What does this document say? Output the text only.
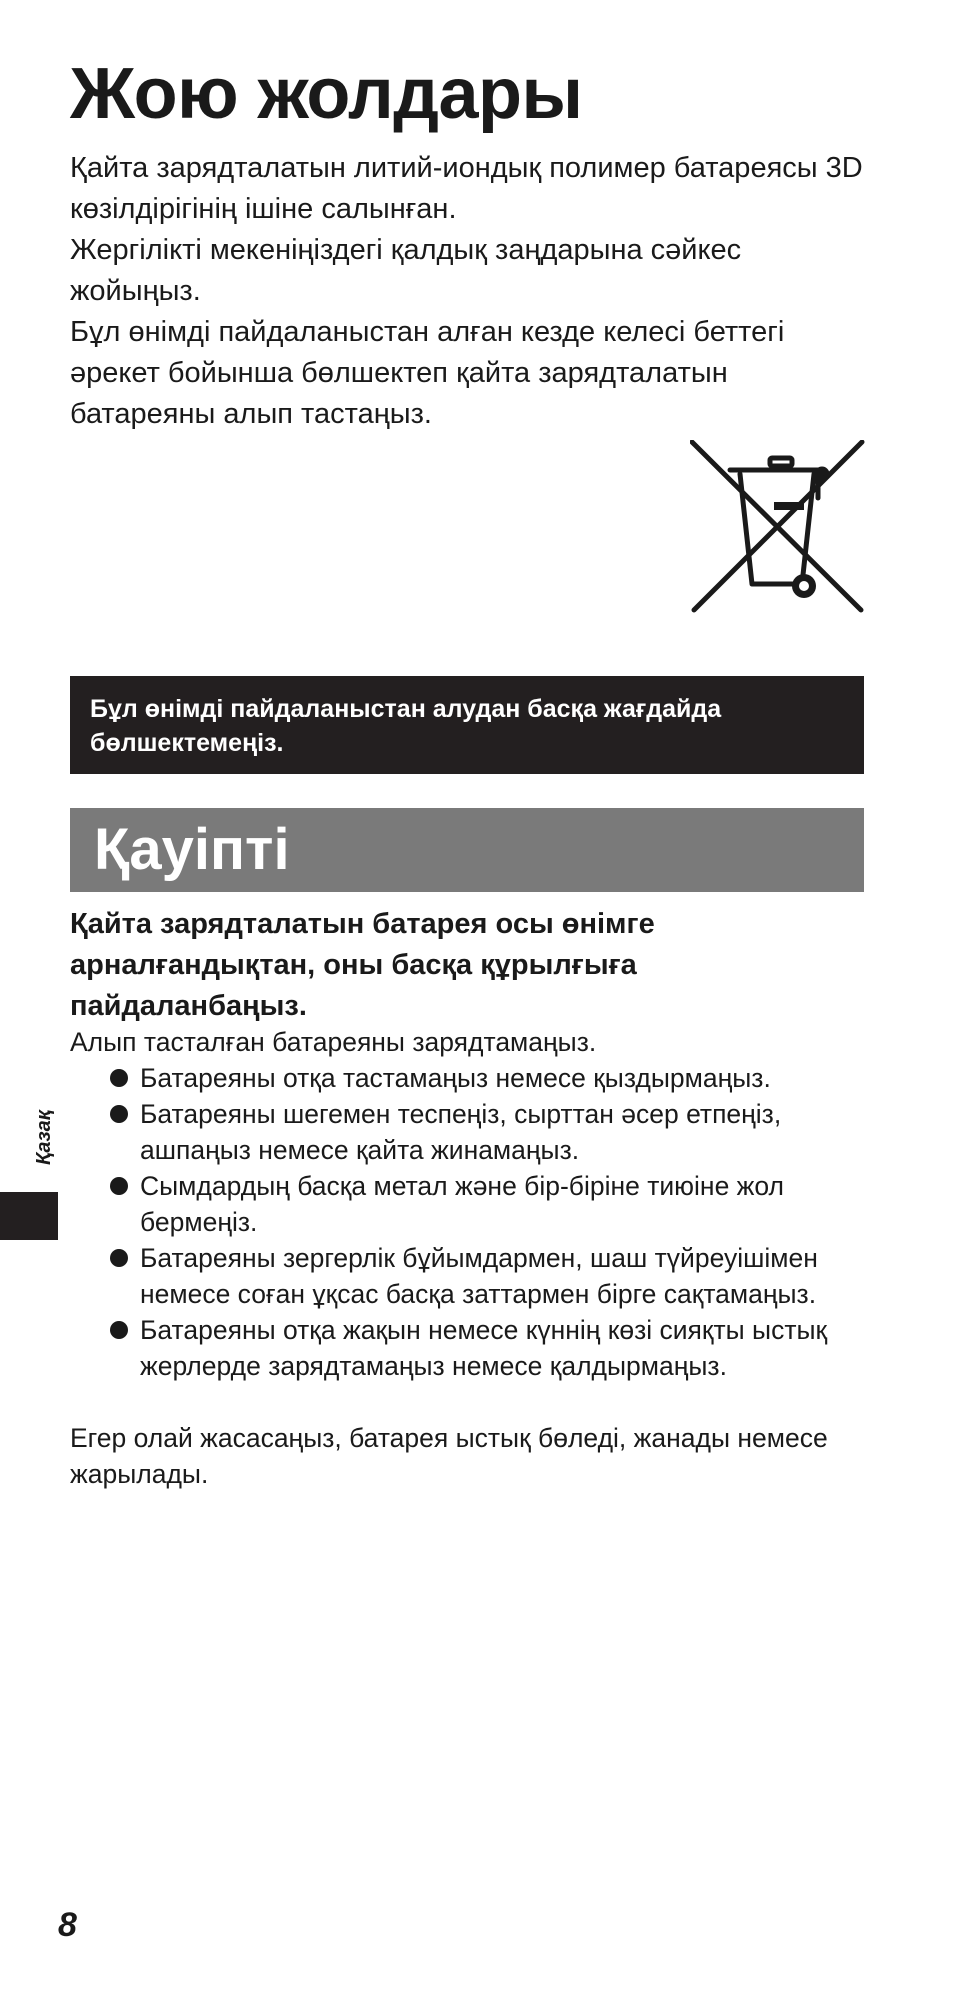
Жою жолдары

Қайта зарядталатын литий-иондық полимер батареясы 3D көзілдірігінің ішіне салынған.

Жергілікті мекеніңіздегі қалдық заңдарына сәйкес жойыңыз.

Бұл өнімді пайдаланыстан алған кезде келесі беттегі әрекет бойынша бөлшектеп қайта зарядталатын батареяны алып тастаңыз.

Бұл өнімді пайдаланыстан алудан басқа жағдайда бөлшектемеңіз.
Қауіпті

Қайта зарядталатын батарея осы өнімге арналғандықтан, оны басқа құрылғыға пайдаланбаңыз.

Алып тасталған батареяны зарядтамаңыз.

Батареяны отқа тастамаңыз немесе қыздырмаңыз.
Батареяны шегемен теспеңіз, сырттан әсер етпеңіз, ашпаңыз немесе қайта жинамаңыз.
Сымдардың басқа метал және бір-біріне тиюіне жол бермеңіз.
Батареяны зергерлік бұйымдармен, шаш түйреуішімен немесе соған ұқсас басқа заттармен бірге сақтамаңыз.
Батареяны отқа жақын немесе күннің көзі сияқты ыстық жерлерде зарядтамаңыз немесе қалдырмаңыз.

Егер олай жасасаңыз, батарея ыстық бөледі, жанады немесе жарылады.

Қазақ
8
